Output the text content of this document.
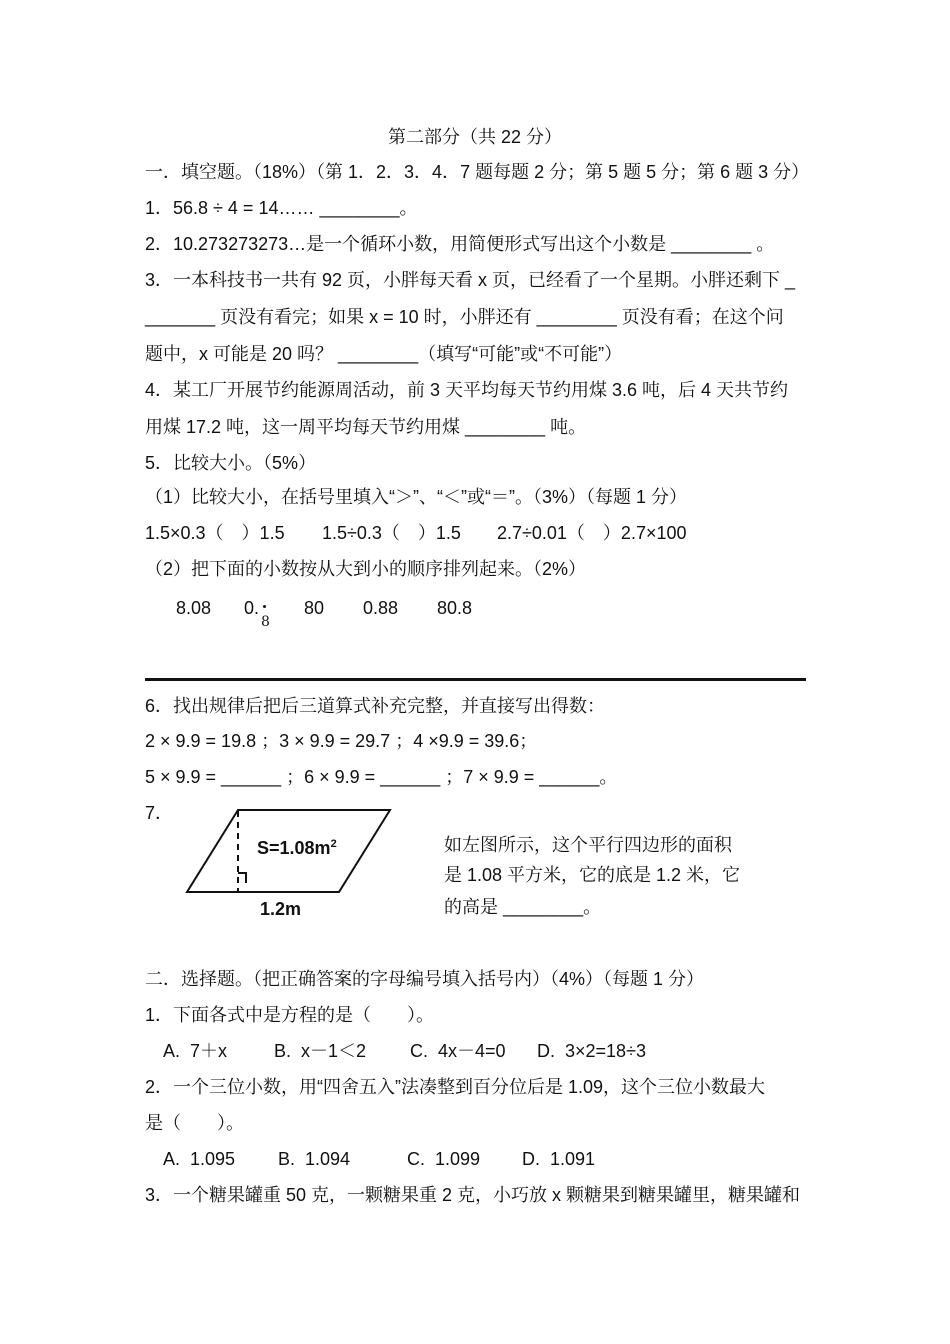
第二部分（共 22 分）
一．填空题。（18%）（第 1．2．3．4．7 题每题 2 分；第 5 题 5 分；第 6 题 3 分）
1．56.8 ÷ 4 = 14…… ________。
2．10.273273273…是一个循环小数，用简便形式写出这个小数是 ________ 。
3．一本科技书一共有 92 页，小胖每天看 x 页，已经看了一个星期。小胖还剩下 _
_______ 页没有看完；如果 x = 10 时，小胖还有 ________ 页没有看；在这个问
题中，x 可能是 20 吗？ ________（填写“可能”或“不可能”）
4．某工厂开展节约能源周活动，前 3 天平均每天节约用煤 3.6 吨，后 4 天共节约
用煤 17.2 吨，这一周平均每天节约用煤 ________ 吨。
5．比较大小。（5%）
（1）比较大小，在括号里填入“＞”、“＜”或“＝”。（3%）（每题 1 分）
1.5×0.3（　）1.5 1.5÷0.3（　）1.5 2.7÷0.01（　）2.7×100
（2）把下面的小数按从大到小的顺序排列起来。（2%）
8.08 0.
8
80 0.88 80.8
6．找出规律后把后三道算式补充完整，并直接写出得数：
2 × 9.9 = 19.8 ；3 × 9.9 = 29.7 ；4 ×9.9 = 39.6；
5 × 9.9 = ______ ；6 × 9.9 = ______ ；7 × 9.9 = ______。
7．
$S=1.08m^2$
1.2m
如左图所示，这个平行四边形的面积
是 1.08 平方米，它的底是 1.2 米，它
的高是 ________。
二．选择题。（把正确答案的字母编号填入括号内）（4%）（每题 1 分）
1．下面各式中是方程的是（　　）。
A.  7＋x	B.  x－1＜2 C.  4x－4=0 D.  3×2=18÷3
2．一个三位小数，用“四舍五入”法凑整到百分位后是 1.09，这个三位小数最大
是（　　）。
A.  1.095 B.  1.094	C.  1.099 D.  1.091
3．一个糖果罐重 50 克，一颗糖果重 2 克，小巧放 x 颗糖果到糖果罐里，糖果罐和
